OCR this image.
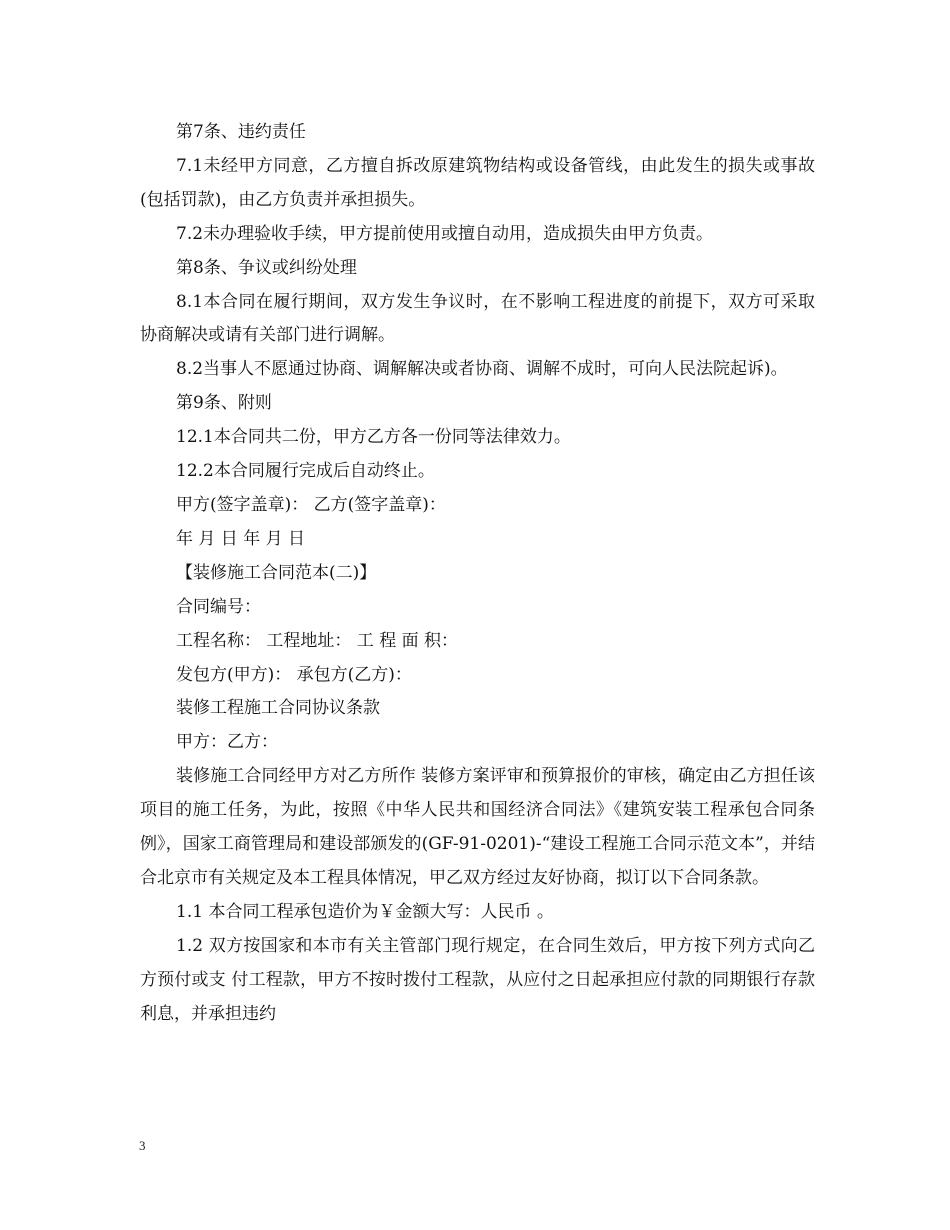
第7条、违约责任

7.1未经甲方同意，乙方擅自拆改原建筑物结构或设备管线，由此发生的损失或事故(包括罚款)，由乙方负责并承担损失。

7.2未办理验收手续，甲方提前使用或擅自动用，造成损失由甲方负责。

第8条、争议或纠纷处理

8.1本合同在履行期间，双方发生争议时，在不影响工程进度的前提下，双方可采取协商解决或请有关部门进行调解。

8.2当事人不愿通过协商、调解解决或者协商、调解不成时，可向人民法院起诉)。

第9条、附则

12.1本合同共二份，甲方乙方各一份同等法律效力。

12.2本合同履行完成后自动终止。

甲方(签字盖章)： 乙方(签字盖章)：

年 月 日 年 月 日

【装修施工合同范本(二)】

合同编号：

工程名称： 工程地址： 工 程 面 积：

发包方(甲方)： 承包方(乙方)：

装修工程施工合同协议条款

甲方：乙方：

装修施工合同经甲方对乙方所作 装修方案评审和预算报价的审核，确定由乙方担任该项目的施工任务，为此，按照《中华人民共和国经济合同法》《建筑安装工程承包合同条例》，国家工商管理局和建设部颁发的(GF-91-0201)-“建设工程施工合同示范文本”，并结合北京市有关规定及本工程具体情况，甲乙双方经过友好协商，拟订以下合同条款。

1.1 本合同工程承包造价为￥金额大写：人民币 。

1.2 双方按国家和本市有关主管部门现行规定，在合同生效后，甲方按下列方式向乙方预付或支 付工程款，甲方不按时拨付工程款，从应付之日起承担应付款的同期银行存款利息，并承担违约

3
